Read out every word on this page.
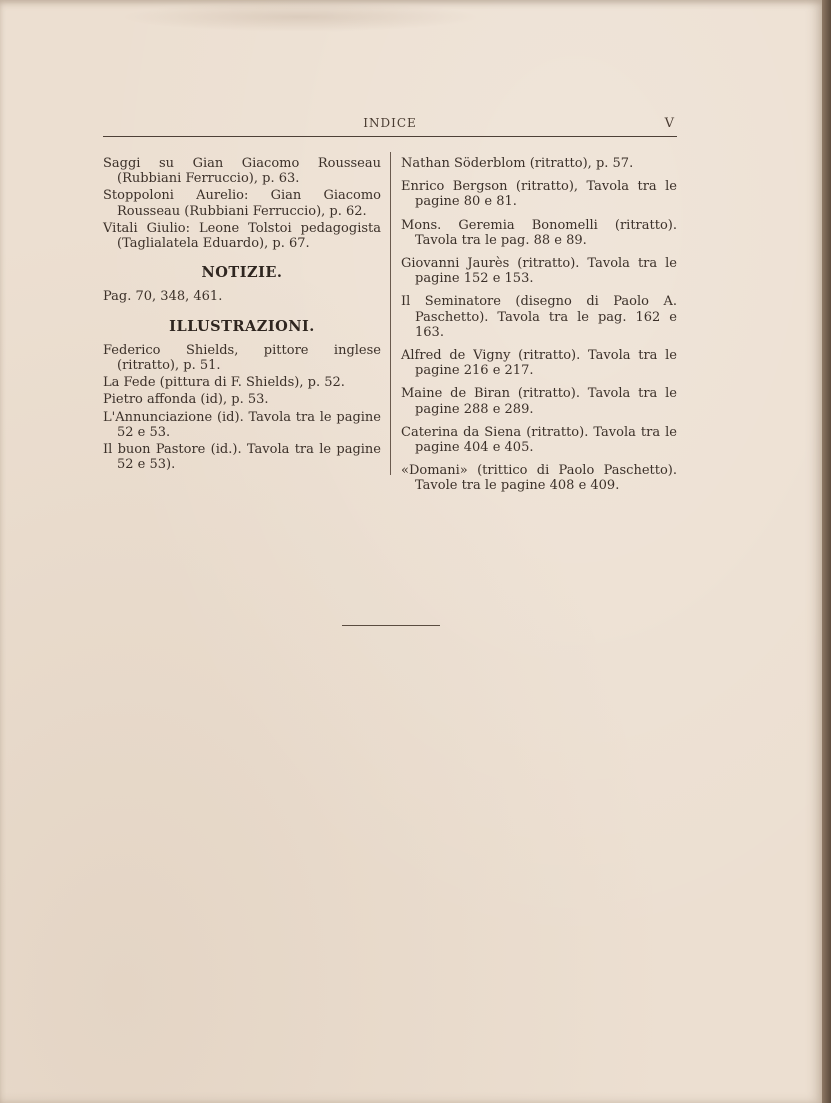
INDICE	V

Saggi su Gian Giacomo Rousseau (Rubbiani Ferruccio), p. 63.

Stoppoloni Aurelio: Gian Giacomo Rousseau (Rubbiani Ferruccio), p. 62.

Vitali Giulio: Leone Tolstoi pedagogista (Taglialatela Eduardo), p. 67.

NOTIZIE.

Pag. 70, 348, 461.

ILLUSTRAZIONI.

Federico Shields, pittore inglese (ritratto), p. 51.

La Fede (pittura di F. Shields), p. 52.

Pietro affonda (id), p. 53.

L'Annunciazione (id). Tavola tra le pagine 52 e 53.

Il buon Pastore (id.). Tavola tra le pagine 52 e 53).

Nathan Söderblom (ritratto), p. 57.

Enrico Bergson (ritratto), Tavola tra le pagine 80 e 81.

Mons. Geremia Bonomelli (ritratto). Tavola tra le pag. 88 e 89.

Giovanni Jaurès (ritratto). Tavola tra le pagine 152 e 153.

Il Seminatore (disegno di Paolo A. Paschetto). Tavola tra le pag. 162 e 163.

Alfred de Vigny (ritratto). Tavola tra le pagine 216 e 217.

Maine de Biran (ritratto). Tavola tra le pagine 288 e 289.

Caterina da Siena (ritratto). Tavola tra le pagine 404 e 405.

«Domani» (trittico di Paolo Paschetto). Tavole tra le pagine 408 e 409.
